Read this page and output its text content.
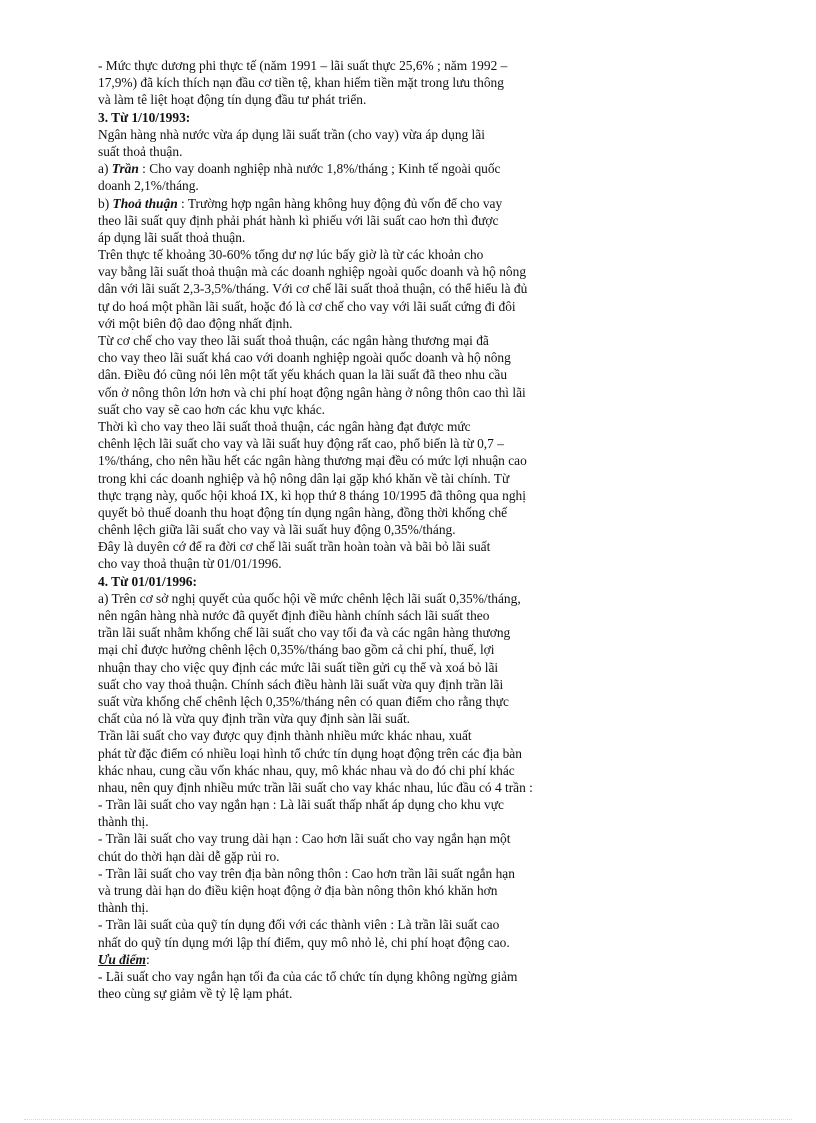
- Mức thực dương phi thực tế (năm 1991 – lãi suất thực 25,6% ; năm 1992 –
17,9%) đã kích thích nạn đầu cơ tiền tệ, khan hiếm tiền mặt trong lưu thông
và làm tê liệt hoạt động tín dụng đầu tư phát triển.
3. Từ 1/10/1993:
Ngân hàng nhà nước vừa áp dụng lãi suất trần (cho vay) vừa áp dụng lãi
suất thoả thuận.
a) Trần : Cho vay doanh nghiệp nhà nước 1,8%/tháng ; Kinh tế ngoài quốc
doanh 2,1%/tháng.
b) Thoả thuận : Trường hợp ngân hàng không huy động đủ vốn để cho vay
theo lãi suất quy định phải phát hành kì phiếu với lãi suất cao hơn thì được
áp dụng lãi suất thoả thuận.
Trên thực tế khoảng 30-60% tổng dư nợ lúc bấy giờ là từ các khoản cho
vay bằng lãi suất thoả thuận mà các doanh nghiệp ngoài quốc doanh và hộ nông
dân với lãi suất 2,3-3,5%/tháng. Với cơ chế lãi suất thoả thuận, có thể hiểu là đủ
tự do hoá một phần lãi suất, hoặc đó là cơ chế cho vay với lãi suất cứng đi đôi
với một biên độ dao động nhất định.
Từ cơ chế cho vay theo lãi suất thoả thuận, các ngân hàng thương mại đã
cho vay theo lãi suất khá cao với doanh nghiệp ngoài quốc doanh và hộ nông
dân. Điều đó cũng nói lên một tất yếu khách quan la lãi suất đã theo nhu cầu
vốn ở nông thôn lớn hơn và chi phí hoạt động ngân hàng ở nông thôn cao thì lãi
suất cho vay sẽ cao hơn các khu vực khác.
Thời kì cho vay theo lãi suất thoả thuận, các ngân hàng đạt được mức
chênh lệch lãi suất cho vay và lãi suất huy động rất cao, phổ biến là từ 0,7 –
1%/tháng, cho nên hầu hết các ngân hàng thương mại đều có mức lợi nhuận cao
trong khi các doanh nghiệp và hộ nông dân lại gặp khó khăn về tài chính. Từ
thực trạng này, quốc hội khoá IX, kì họp thứ 8 tháng 10/1995 đã thông qua nghị
quyết bỏ thuế doanh thu hoạt động tín dụng ngân hàng, đồng thời khống chế
chênh lệch giữa lãi suất cho vay và lãi suất huy động 0,35%/tháng.
Đây là duyên cớ để ra đời cơ chế lãi suất trần hoàn toàn và bãi bỏ lãi suất
cho vay thoả thuận từ 01/01/1996.
4. Từ 01/01/1996:
a) Trên cơ sở nghị quyết của quốc hội về mức chênh lệch lãi suất 0,35%/tháng,
nên ngân hàng nhà nước đã quyết định điều hành chính sách lãi suất theo
trần lãi suất nhằm khống chế lãi suất cho vay tối đa và các ngân hàng thương
mại chỉ được hưởng chênh lệch 0,35%/tháng bao gồm cả chi phí, thuế, lợi
nhuận thay cho việc quy định các mức lãi suất tiền gửi cụ thể và xoá bỏ lãi
suất cho vay thoả thuận. Chính sách điều hành lãi suất vừa quy định trần lãi
suất vừa khống chế chênh lệch 0,35%/tháng nên có quan điểm cho rằng thực
chất của nó là vừa quy định trần vừa quy định sàn lãi suất.
Trần lãi suất cho vay được quy định thành nhiều mức khác nhau, xuất
phát từ đặc điểm có nhiều loại hình tổ chức tín dụng hoạt động trên các địa bàn
khác nhau, cung cầu vốn khác nhau, quy, mô khác nhau và do đó chi phí khác
nhau, nên quy định nhiều mức trần lãi suất cho vay khác nhau, lúc đầu có 4 trần :
- Trần lãi suất cho vay ngắn hạn : Là lãi suất thấp nhất áp dụng cho khu vực
thành thị.
- Trần lãi suất cho vay trung dài hạn : Cao hơn lãi suất cho vay ngắn hạn một
chút do thời hạn dài dễ gặp rủi ro.
- Trần lãi suất cho vay trên địa bàn nông thôn : Cao hơn trần lãi suất ngắn hạn
và trung dài hạn do điều kiện hoạt động ở địa bàn nông thôn khó khăn hơn
thành thị.
- Trần lãi suất của quỹ tín dụng đối với các thành viên : Là trần lãi suất cao
nhất do quỹ tín dụng mới lập thí điểm, quy mô nhỏ lẻ, chi phí hoạt động cao.
Ưu điểm:
- Lãi suất cho vay ngắn hạn tối đa của các tổ chức tín dụng không ngừng giảm
theo cùng sự giảm về tỷ lệ lạm phát.
